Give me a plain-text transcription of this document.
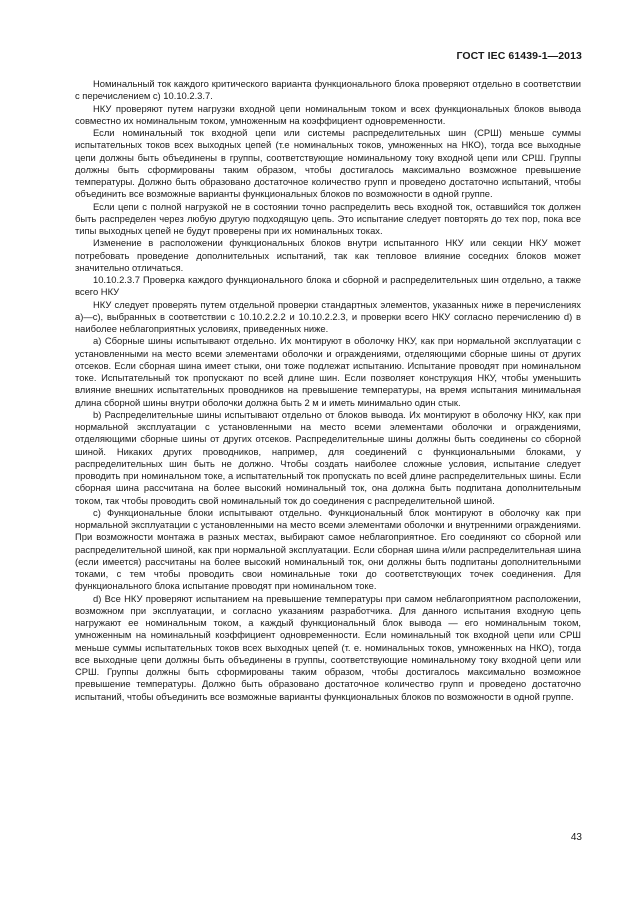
ГОСТ IEC 61439-1—2013

Номинальный ток каждого критического варианта функционального блока проверяют отдельно в соответствии с перечислением с) 10.10.2.3.7.

НКУ проверяют путем нагрузки входной цепи номинальным током и всех функциональных блоков вывода совместно их номинальным током, умноженным на коэффициент одновременности.

Если номинальный ток входной цепи или системы распределительных шин (СРШ) меньше суммы испытательных токов всех выходных цепей (т.е номинальных токов, умноженных на НКО), тогда все выходные цепи должны быть объединены в группы, соответствующие номинальному току входной цепи или СРШ. Группы должны быть сформированы таким образом, чтобы достигалось максимально возможное превышение температуры. Должно быть образовано достаточное количество групп и проведено достаточно испытаний, чтобы объединить все возможные варианты функциональных блоков по возможности в одной группе.

Если цепи с полной нагрузкой не в состоянии точно распределить весь входной ток, оставшийся ток должен быть распределен через любую другую подходящую цепь. Это испытание следует повторять до тех пор, пока все типы выходных цепей не будут проверены при их номинальных токах.

Изменение в расположении функциональных блоков внутри испытанного НКУ или секции НКУ может потребовать проведение дополнительных испытаний, так как тепловое влияние соседних блоков может значительно отличаться.

10.10.2.3.7 Проверка каждого функционального блока и сборной и распределительных шин отдельно, а также всего НКУ

НКУ следует проверять путем отдельной проверки стандартных элементов, указанных ниже в перечислениях а)—с), выбранных в соответствии с 10.10.2.2.2 и 10.10.2.2.3, и проверки всего НКУ согласно перечислению d) в наиболее неблагоприятных условиях, приведенных ниже.

a) Сборные шины испытывают отдельно. Их монтируют в оболочку НКУ, как при нормальной эксплуатации с установленными на место всеми элементами оболочки и ограждениями, отделяющими сборные шины от других отсеков. Если сборная шина имеет стыки, они тоже подлежат испытанию. Испытание проводят при номинальном токе. Испытательный ток пропускают по всей длине шин. Если позволяет конструкция НКУ, чтобы уменьшить влияние внешних испытательных проводников на превышение температуры, на время испытания минимальная длина сборной шины внутри оболочки должна быть 2 м и иметь минимально один стык.

b) Распределительные шины испытывают отдельно от блоков вывода. Их монтируют в оболочку НКУ, как при нормальной эксплуатации с установленными на место всеми элементами оболочки и ограждениями, отделяющими сборные шины от других отсеков. Распределительные шины должны быть соединены со сборной шиной. Никаких других проводников, например, для соединений с функциональными блоками, у распределительных шин быть не должно. Чтобы создать наиболее сложные условия, испытание следует проводить при номинальном токе, а испытательный ток пропускать по всей длине распределительных шины. Если сборная шина рассчитана на более высокий номинальный ток, она должна быть подпитана дополнительным током, так чтобы проводить свой номинальный ток до соединения с распределительной шиной.

c) Функциональные блоки испытывают отдельно. Функциональный блок монтируют в оболочку как при нормальной эксплуатации с установленными на место всеми элементами оболочки и внутренними ограждениями. При возможности монтажа в разных местах, выбирают самое неблагоприятное. Его соединяют со сборной или распределительной шиной, как при нормальной эксплуатации. Если сборная шина и/или распределительная шина (если имеется) рассчитаны на более высокий номинальный ток, они должны быть подпитаны дополнительными токами, с тем чтобы проводить свои номинальные токи до соответствующих точек соединения. Для функционального блока испытание проводят при номинальном токе.

d) Все НКУ проверяют испытанием на превышение температуры при самом неблагоприятном расположении, возможном при эксплуатации, и согласно указаниям разработчика. Для данного испытания входную цепь нагружают ее номинальным током, а каждый функциональный блок вывода — его номинальным током, умноженным на номинальный коэффициент одновременности. Если номинальный ток входной цепи или СРШ меньше суммы испытательных токов всех выходных цепей (т. е. номинальных токов, умноженных на НКО), тогда все выходные цепи должны быть объединены в группы, соответствующие номинальному току входной цепи или СРШ. Группы должны быть сформированы таким образом, чтобы достигалось максимально возможное превышение температуры. Должно быть образовано достаточное количество групп и проведено достаточно испытаний, чтобы объединить все возможные варианты функциональных блоков по возможности в одной группе.

43
